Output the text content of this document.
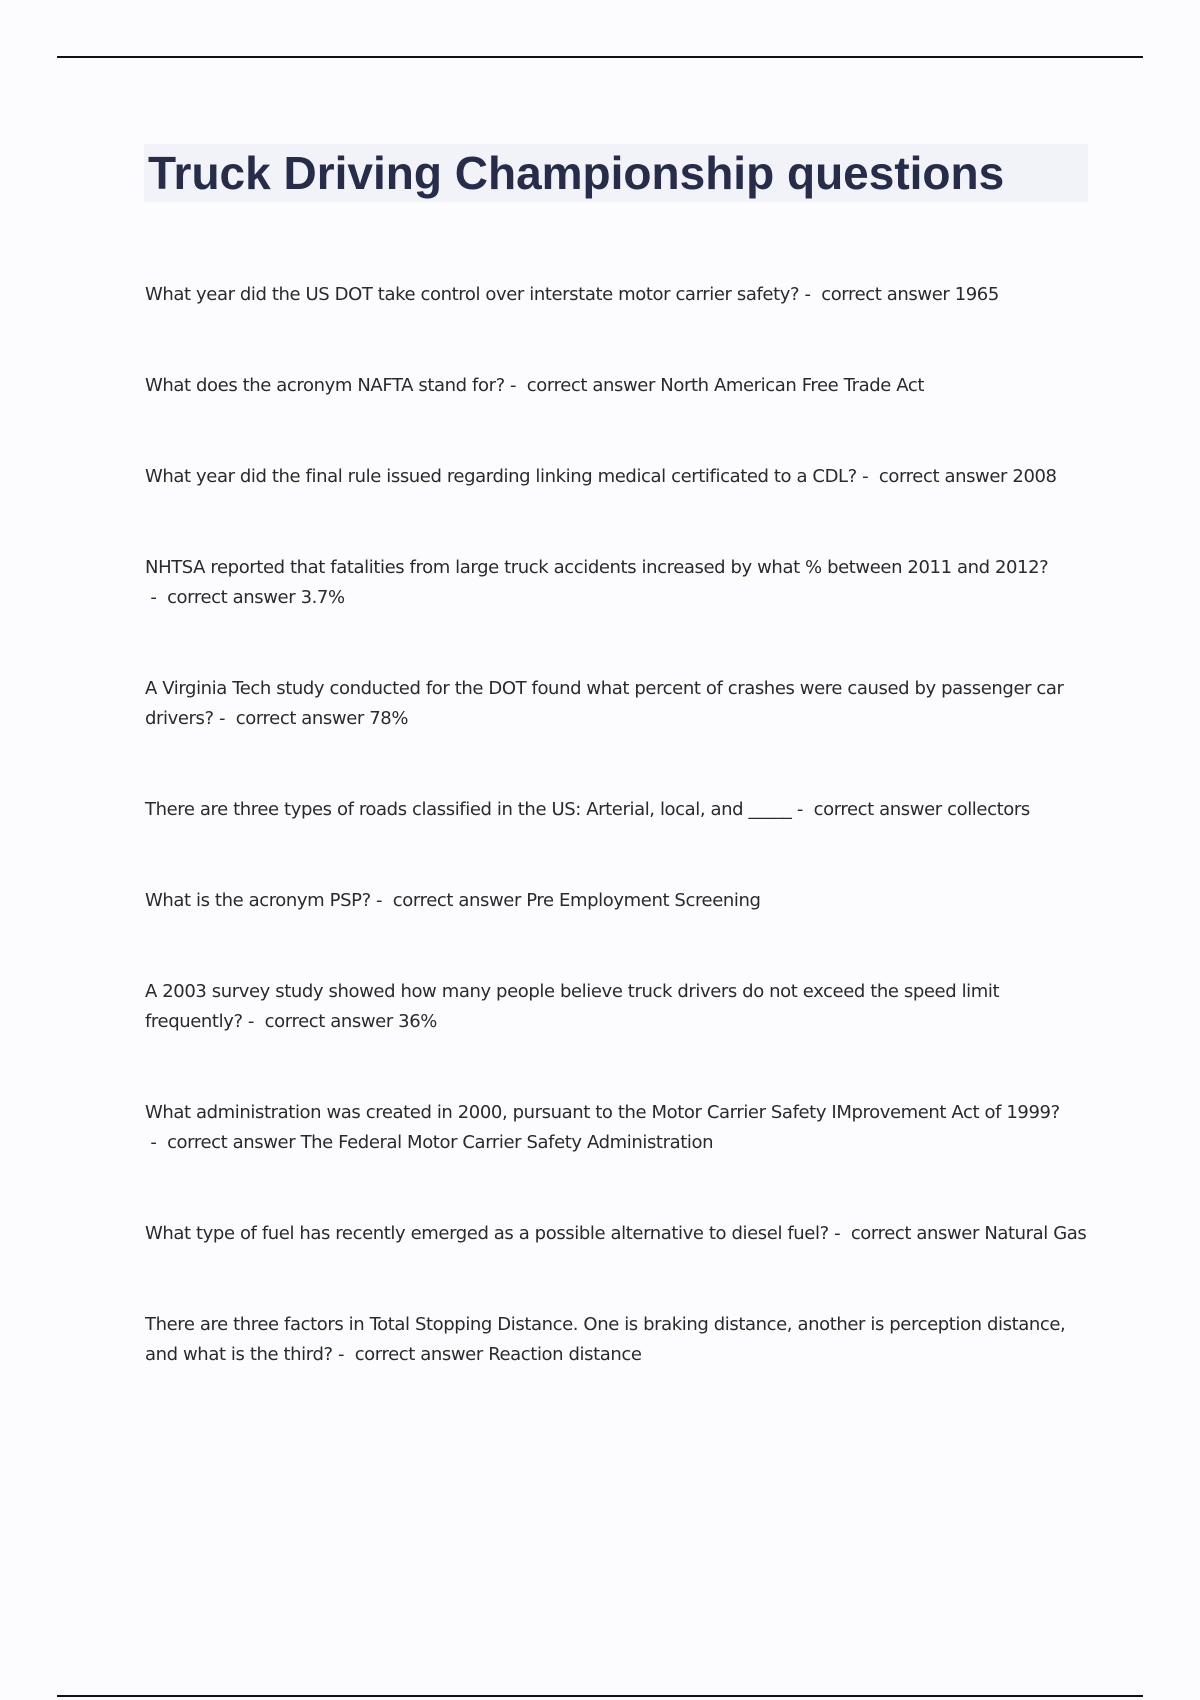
Truck Driving Championship questions
What year did the US DOT take control over interstate motor carrier safety? -  correct answer 1965
What does the acronym NAFTA stand for? -  correct answer North American Free Trade Act
What year did the final rule issued regarding linking medical certificated to a CDL? -  correct answer 2008
NHTSA reported that fatalities from large truck accidents increased by what % between 2011 and 2012? -  correct answer 3.7%
A Virginia Tech study conducted for the DOT found what percent of crashes were caused by passenger car drivers? -  correct answer 78%
There are three types of roads classified in the US: Arterial, local, and _____ -  correct answer collectors
What is the acronym PSP? -  correct answer Pre Employment Screening
A 2003 survey study showed how many people believe truck drivers do not exceed the speed limit frequently? -  correct answer 36%
What administration was created in 2000, pursuant to the Motor Carrier Safety IMprovement Act of 1999? -  correct answer The Federal Motor Carrier Safety Administration
What type of fuel has recently emerged as a possible alternative to diesel fuel? -  correct answer Natural Gas
There are three factors in Total Stopping Distance. One is braking distance, another is perception distance, and what is the third? -  correct answer Reaction distance
